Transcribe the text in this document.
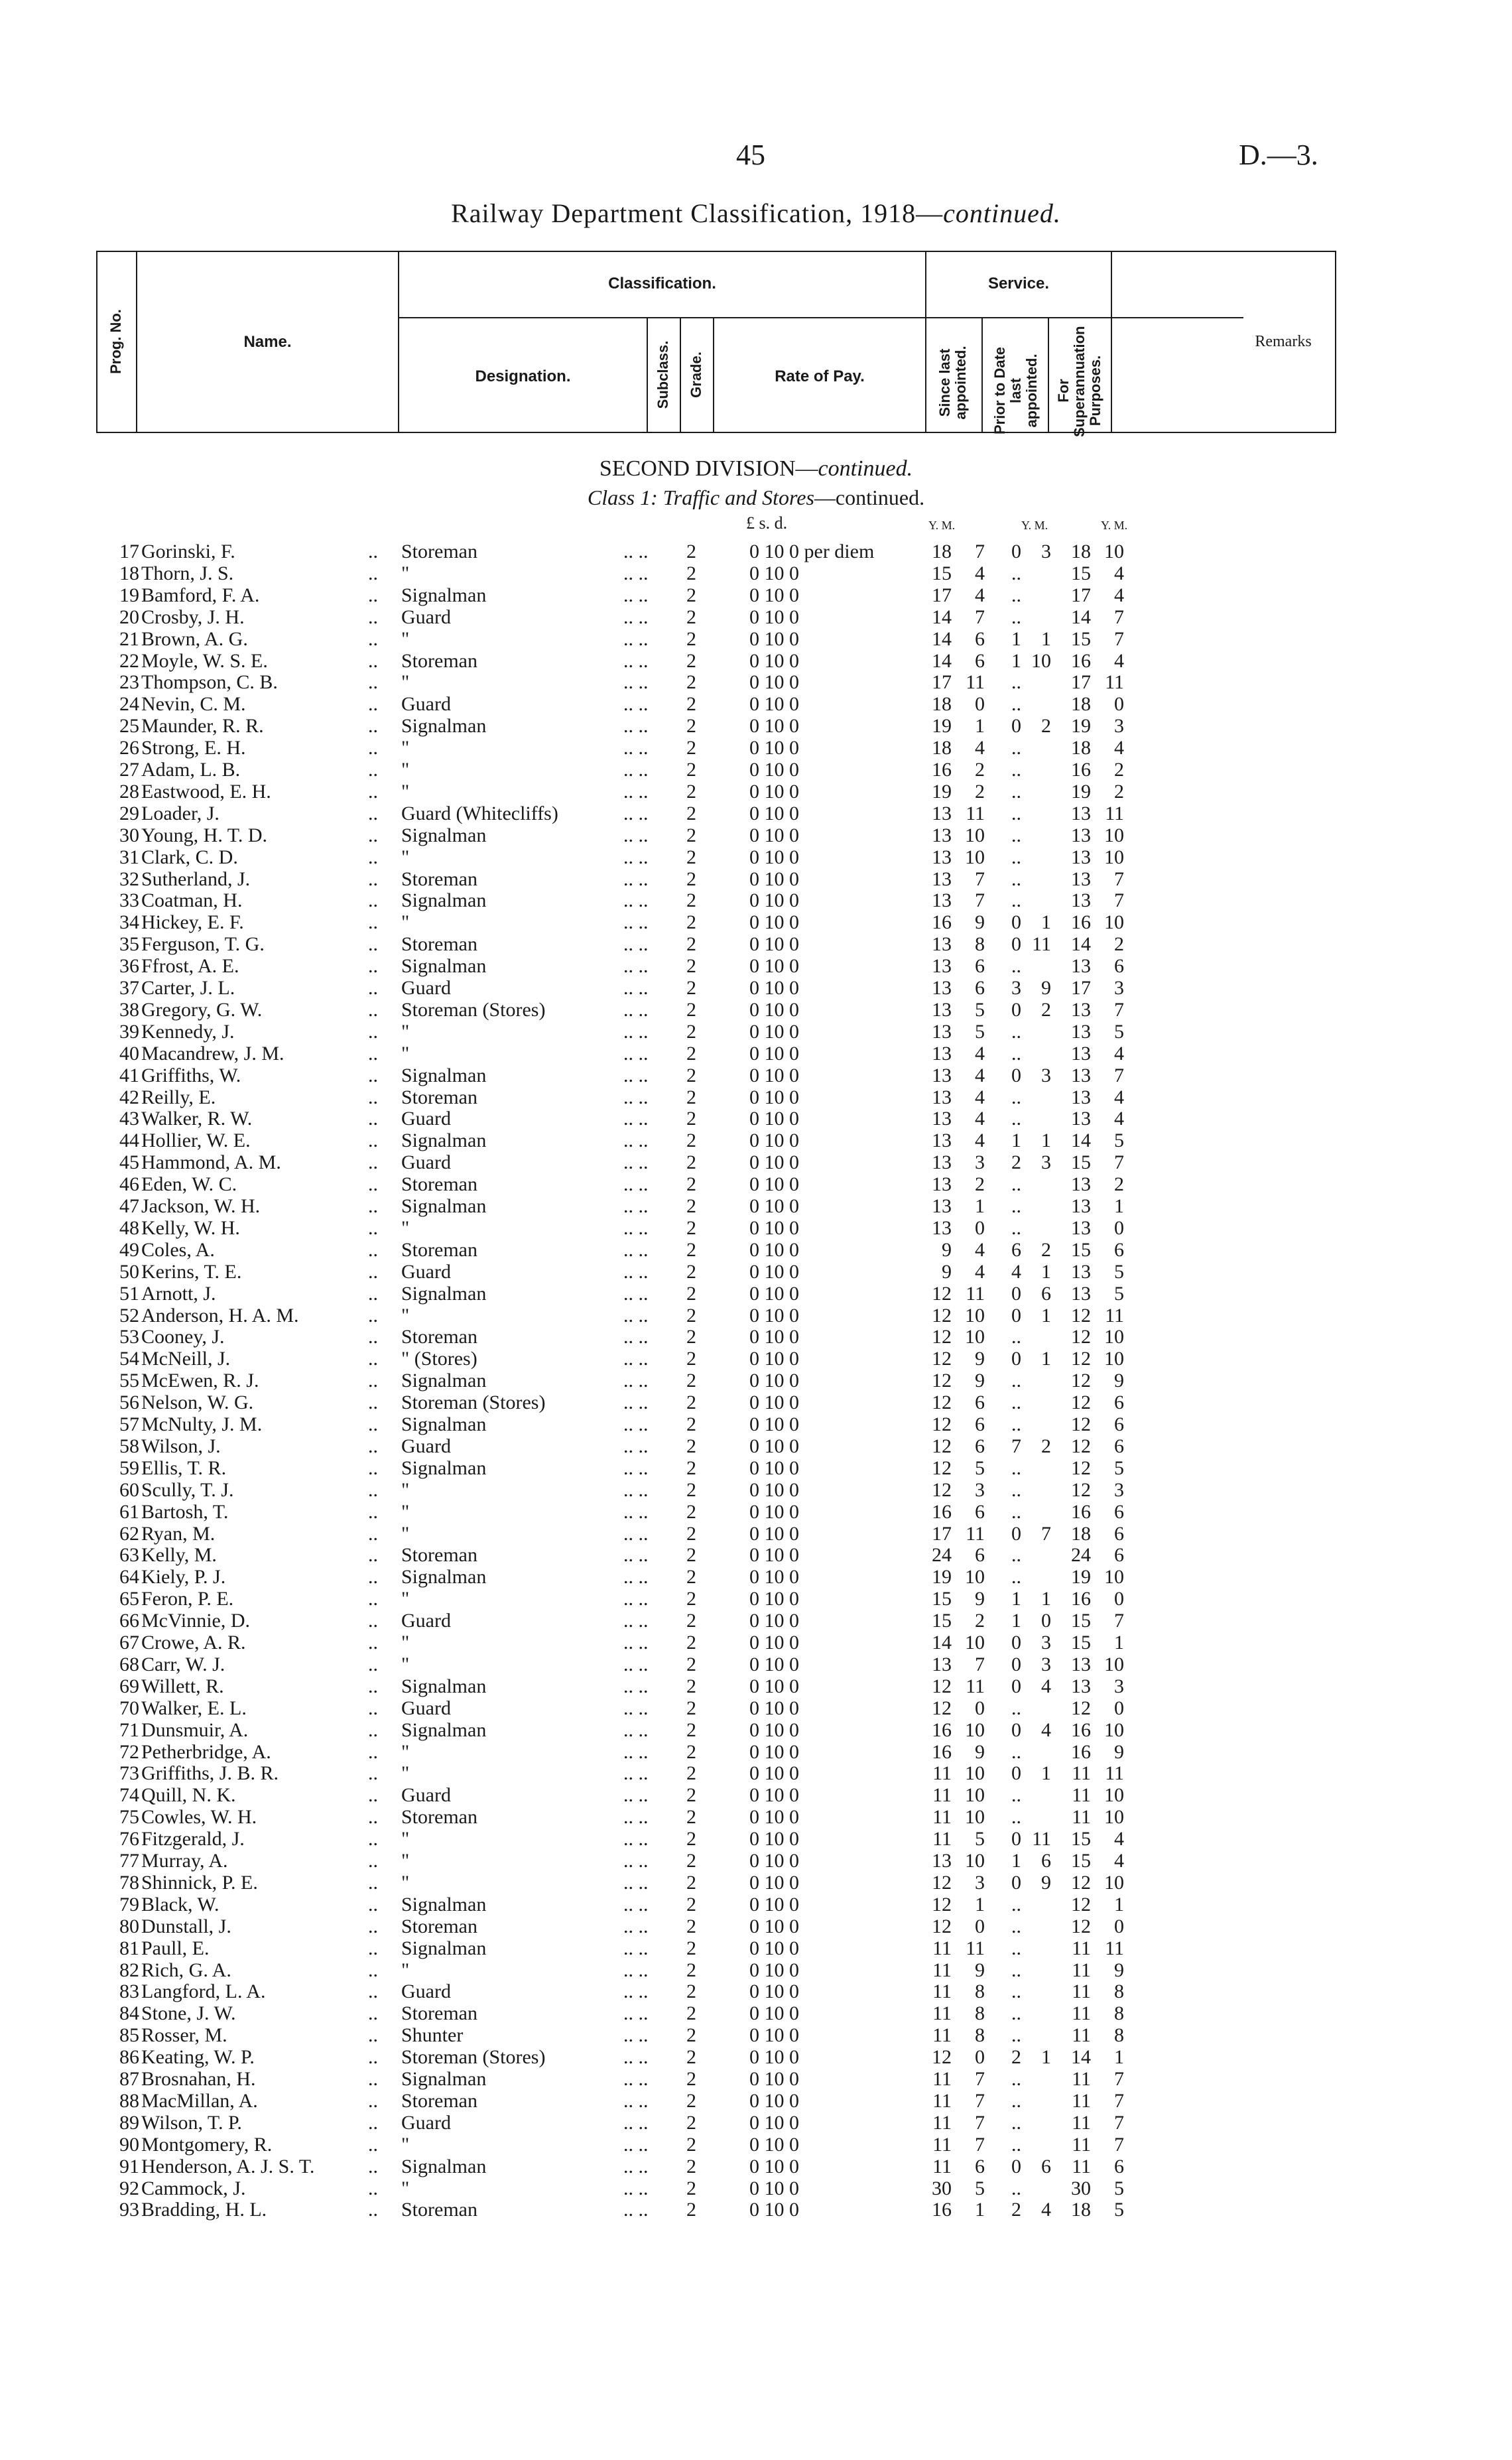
45	D.—3.
Railway Department Classification, 1918—continued.
Prog. No.	Name.
Classification.
Designation.	Subclass. Grade.	Rate of Pay.
Service.
Since last appointed. Prior to Date last appointed. For Superannuation Purposes.
Remarks
SECOND DIVISION—continued.
Class 1: Traffic and Stores—continued.
£ s. d.	Y. M.	Y. M.	Y. M.
17 Gorinski, F.	.. Storeman	.. .. 2	0 10 0 per diem	18	7	0	3	18 10
18 Thorn, J. S.	.. "	.. .. 2	0 10 0	15	4	..	15	4
19 Bamford, F. A.	.. Signalman	.. .. 2	0 10 0	17	4	..	17	4
20 Crosby, J. H.	.. Guard	.. .. 2	0 10 0	14	7	..	14	7
21 Brown, A. G.	.. "	.. .. 2	0 10 0	14	6	1	1	15	7
22 Moyle, W. S. E.	.. Storeman	.. .. 2	0 10 0	14	6	1 10	16	4
23 Thompson, C. B.	.. "	.. .. 2	0 10 0	17 11	..	17 11
24 Nevin, C. M.	.. Guard	.. .. 2	0 10 0	18	0	..	18	0
25 Maunder, R. R.	.. Signalman	.. .. 2	0 10 0	19	1	0	2	19	3
26 Strong, E. H.	.. "	.. .. 2	0 10 0	18	4	..	18	4
27 Adam, L. B.	.. "	.. .. 2	0 10 0	16	2	..	16	2
28 Eastwood, E. H.	.. "	.. .. 2	0 10 0	19	2	..	19	2
29 Loader, J.	.. Guard (Whitecliffs)	.. .. 2	0 10 0	13 11	..	13 11
30 Young, H. T. D.	.. Signalman	.. .. 2	0 10 0	13 10	..	13 10
31 Clark, C. D.	.. "	.. .. 2	0 10 0	13 10	..	13 10
32 Sutherland, J.	.. Storeman	.. .. 2	0 10 0	13	7	..	13	7
33 Coatman, H.	.. Signalman	.. .. 2	0 10 0	13	7	..	13	7
34 Hickey, E. F.	.. "	.. .. 2	0 10 0	16	9	0	1	16 10
35 Ferguson, T. G.	.. Storeman	.. .. 2	0 10 0	13	8	0 11	14	2
36 Ffrost, A. E.	.. Signalman	.. .. 2	0 10 0	13	6	..	13	6
37 Carter, J. L.	.. Guard	.. .. 2	0 10 0	13	6	3	9	17	3
38 Gregory, G. W.	.. Storeman (Stores)	.. .. 2	0 10 0	13	5	0	2	13	7
39 Kennedy, J.	.. "	.. .. 2	0 10 0	13	5	..	13	5
40 Macandrew, J. M.	.. "	.. .. 2	0 10 0	13	4	..	13	4
41 Griffiths, W.	.. Signalman	.. .. 2	0 10 0	13	4	0	3	13	7
42 Reilly, E.	.. Storeman	.. .. 2	0 10 0	13	4	..	13	4
43 Walker, R. W.	.. Guard	.. .. 2	0 10 0	13	4	..	13	4
44 Hollier, W. E.	.. Signalman	.. .. 2	0 10 0	13	4	1	1	14	5
45 Hammond, A. M.	.. Guard	.. .. 2	0 10 0	13	3	2	3	15	7
46 Eden, W. C.	.. Storeman	.. .. 2	0 10 0	13	2	..	13	2
47 Jackson, W. H.	.. Signalman	.. .. 2	0 10 0	13	1	..	13	1
48 Kelly, W. H.	.. "	.. .. 2	0 10 0	13	0	..	13	0
49 Coles, A.	.. Storeman	.. .. 2	0 10 0	9	4	6	2	15	6
50 Kerins, T. E.	.. Guard	.. .. 2	0 10 0	9	4	4	1	13	5
51 Arnott, J.	.. Signalman	.. .. 2	0 10 0	12 11	0	6	13	5
52 Anderson, H. A. M.	.. "	.. .. 2	0 10 0	12 10	0	1	12 11
53 Cooney, J.	.. Storeman	.. .. 2	0 10 0	12 10	..	12 10
54 McNeill, J.	.. " (Stores)	.. .. 2	0 10 0	12	9	0	1	12 10
55 McEwen, R. J.	.. Signalman	.. .. 2	0 10 0	12	9	..	12	9
56 Nelson, W. G.	.. Storeman (Stores)	.. .. 2	0 10 0	12	6	..	12	6
57 McNulty, J. M.	.. Signalman	.. .. 2	0 10 0	12	6	..	12	6
58 Wilson, J.	.. Guard	.. .. 2	0 10 0	12	6	7	2	12	6
59 Ellis, T. R.	.. Signalman	.. .. 2	0 10 0	12	5	..	12	5
60 Scully, T. J.	.. "	.. .. 2	0 10 0	12	3	..	12	3
61 Bartosh, T.	.. "	.. .. 2	0 10 0	16	6	..	16	6
62 Ryan, M.	.. "	.. .. 2	0 10 0	17 11	0	7	18	6
63 Kelly, M.	.. Storeman	.. .. 2	0 10 0	24	6	..	24	6
64 Kiely, P. J.	.. Signalman	.. .. 2	0 10 0	19 10	..	19 10
65 Feron, P. E.	.. "	.. .. 2	0 10 0	15	9	1	1	16	0
66 McVinnie, D.	.. Guard	.. .. 2	0 10 0	15	2	1	0	15	7
67 Crowe, A. R.	.. "	.. .. 2	0 10 0	14 10	0	3	15	1
68 Carr, W. J.	.. "	.. .. 2	0 10 0	13	7	0	3	13 10
69 Willett, R.	.. Signalman	.. .. 2	0 10 0	12 11	0	4	13	3
70 Walker, E. L.	.. Guard	.. .. 2	0 10 0	12	0	..	12	0
71 Dunsmuir, A.	.. Signalman	.. .. 2	0 10 0	16 10	0	4	16 10
72 Petherbridge, A.	.. "	.. .. 2	0 10 0	16	9	..	16	9
73 Griffiths, J. B. R.	.. "	.. .. 2	0 10 0	11 10	0	1	11 11
74 Quill, N. K.	.. Guard	.. .. 2	0 10 0	11 10	..	11 10
75 Cowles, W. H.	.. Storeman	.. .. 2	0 10 0	11 10	..	11 10
76 Fitzgerald, J.	.. "	.. .. 2	0 10 0	11	5	0 11	15	4
77 Murray, A.	.. "	.. .. 2	0 10 0	13 10	1	6	15	4
78 Shinnick, P. E.	.. "	.. .. 2	0 10 0	12	3	0	9	12 10
79 Black, W.	.. Signalman	.. .. 2	0 10 0	12	1	..	12	1
80 Dunstall, J.	.. Storeman	.. .. 2	0 10 0	12	0	..	12	0
81 Paull, E.	.. Signalman	.. .. 2	0 10 0	11 11	..	11 11
82 Rich, G. A.	.. "	.. .. 2	0 10 0	11	9	..	11	9
83 Langford, L. A.	.. Guard	.. .. 2	0 10 0	11	8	..	11	8
84 Stone, J. W.	.. Storeman	.. .. 2	0 10 0	11	8	..	11	8
85 Rosser, M.	.. Shunter	.. .. 2	0 10 0	11	8	..	11	8
86 Keating, W. P.	.. Storeman (Stores)	.. .. 2	0 10 0	12	0	2	1	14	1
87 Brosnahan, H.	.. Signalman	.. .. 2	0 10 0	11	7	..	11	7
88 MacMillan, A.	.. Storeman	.. .. 2	0 10 0	11	7	..	11	7
89 Wilson, T. P.	.. Guard	.. .. 2	0 10 0	11	7	..	11	7
90 Montgomery, R.	.. "	.. .. 2	0 10 0	11	7	..	11	7
91 Henderson, A. J. S. T.	.. Signalman	.. .. 2	0 10 0	11	6	0	6	11	6
92 Cammock, J.	.. "	.. .. 2	0 10 0	30	5	..	30	5
93 Bradding, H. L.	.. Storeman	.. .. 2	0 10 0	16	1	2	4	18	5
